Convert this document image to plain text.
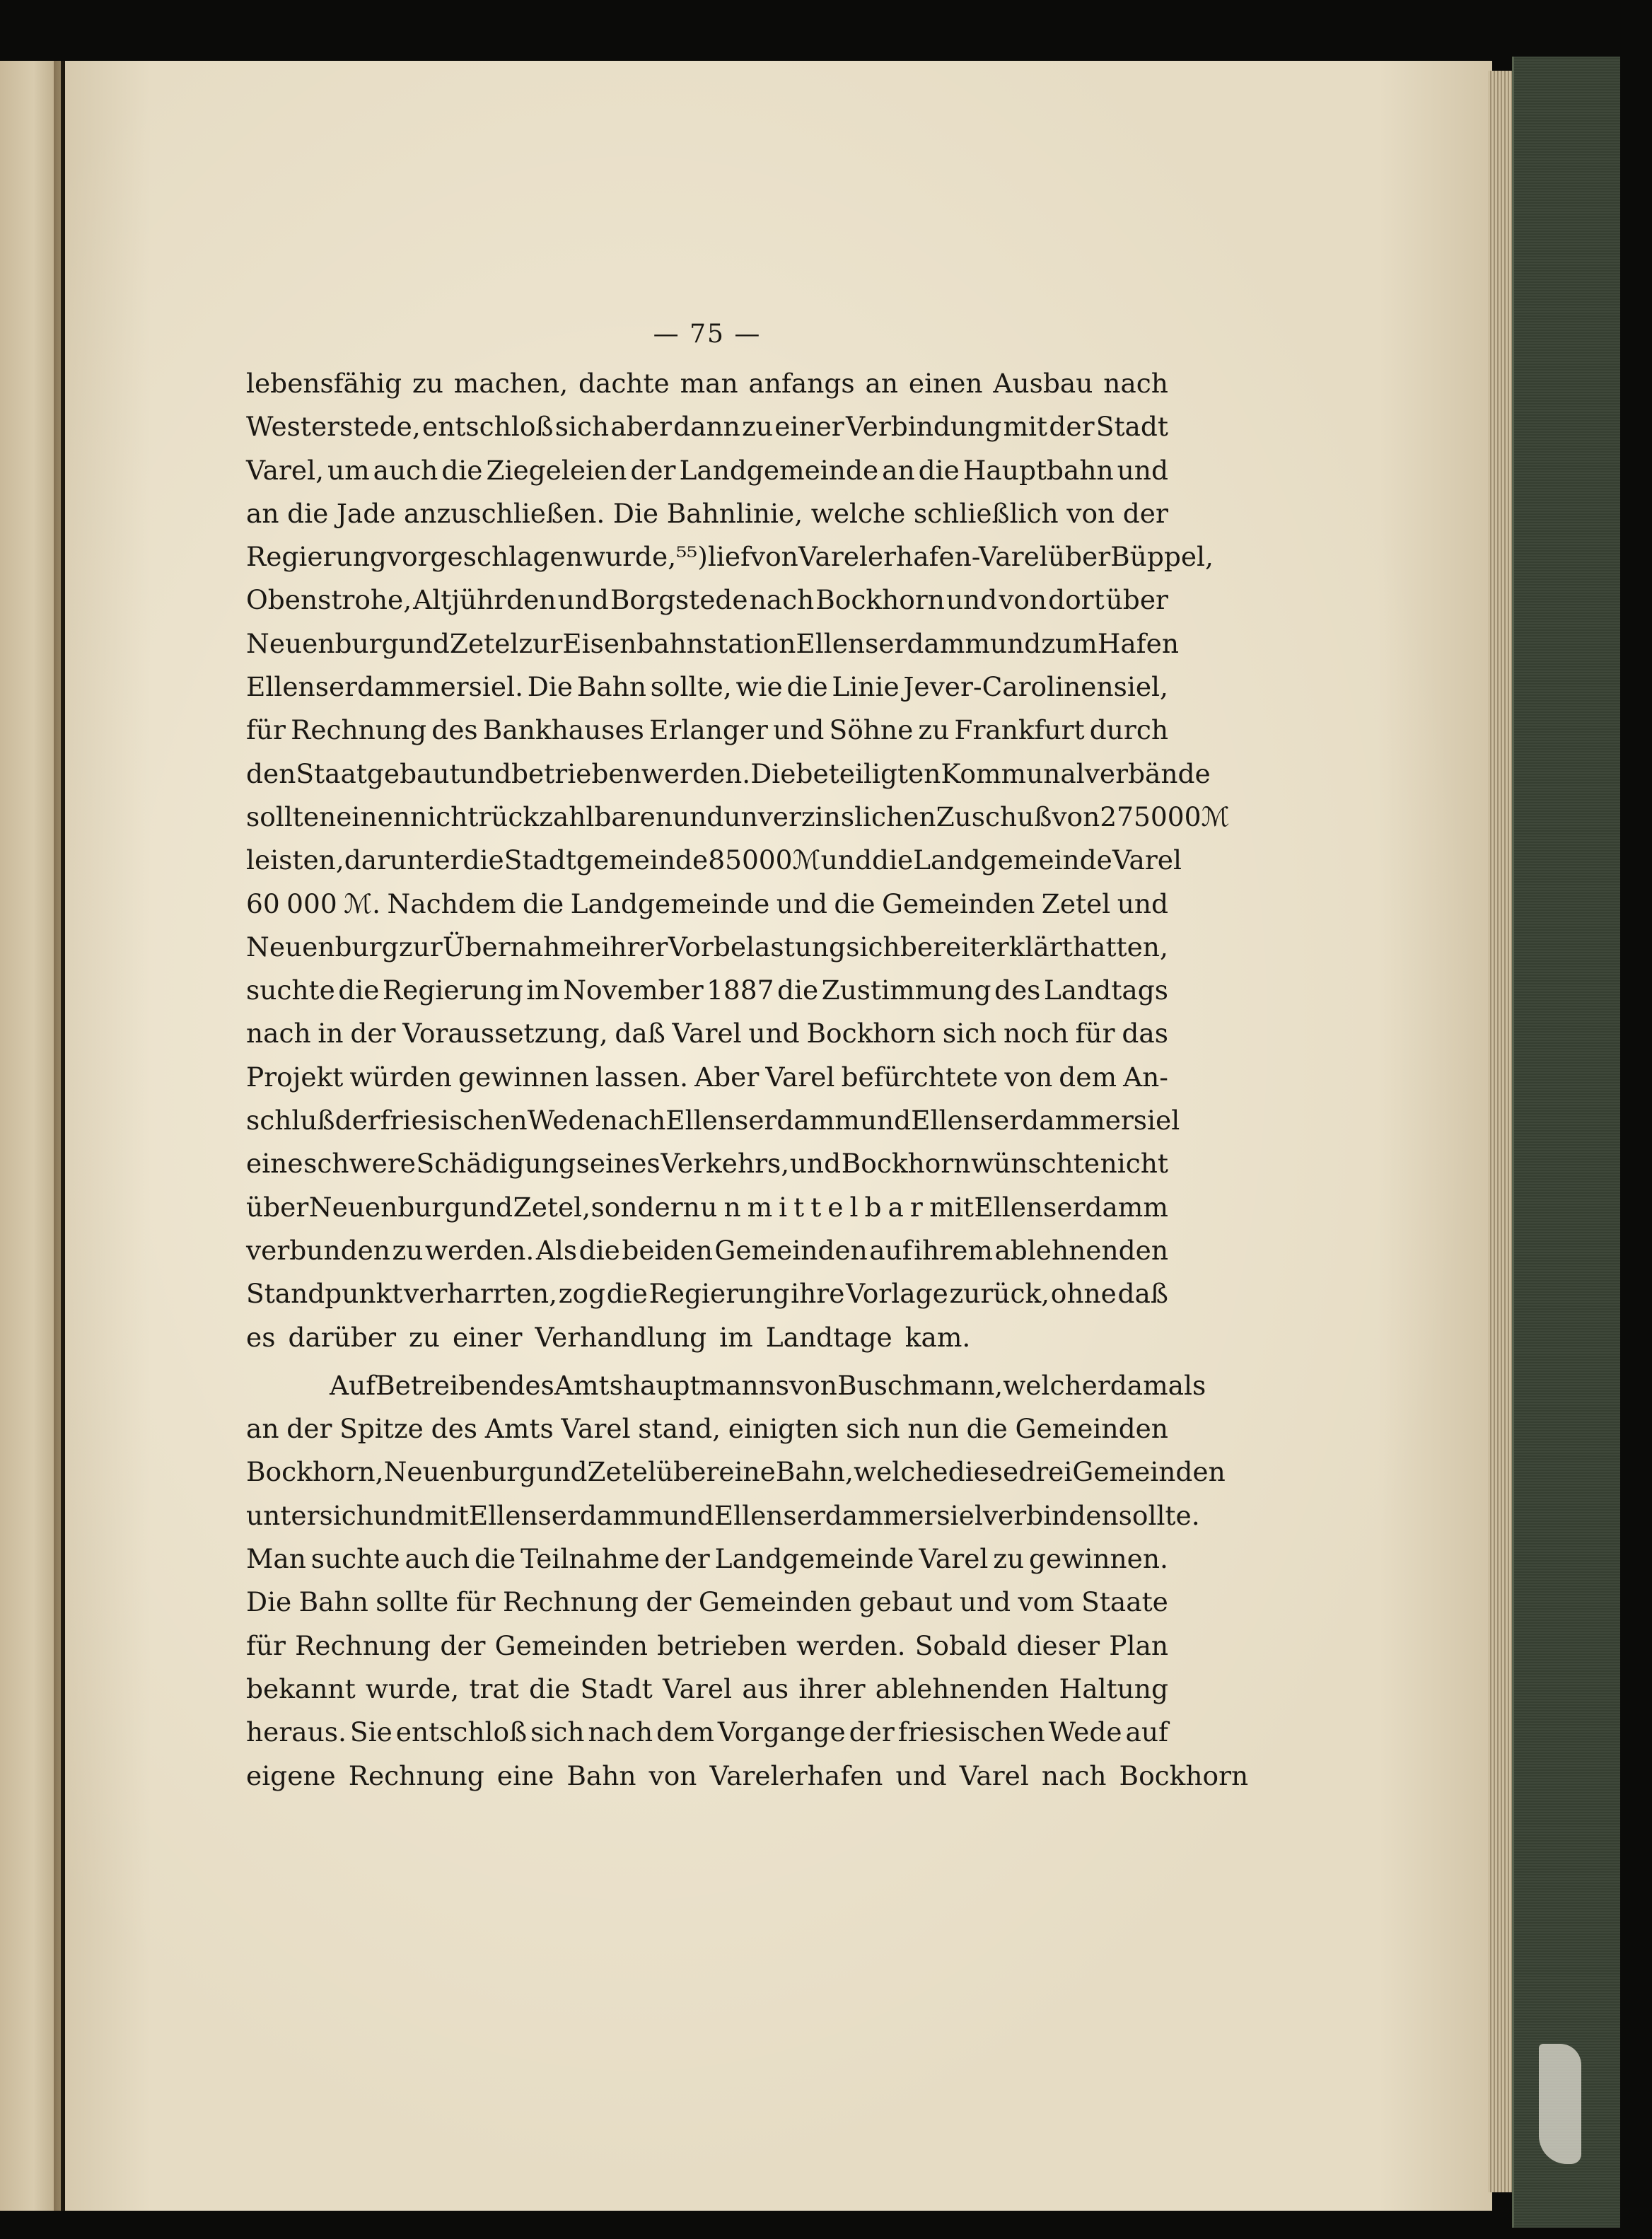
— 75 —
lebensfähig zu machen, dachte man anfangs an einen Ausbau nach
Westerstede, entschloß sich aber dann zu einer Verbindung mit der Stadt
Varel, um auch die Ziegeleien der Landgemeinde an die Hauptbahn und
an die Jade anzuschließen. Die Bahnlinie, welche schließlich von der
Regierung vorgeschlagen wurde,⁵⁵) lief von Varelerhafen-Varel über Büppel,
Obenstrohe, Altjührden und Borgstede nach Bockhorn und von dort über
Neuenburg und Zetel zur Eisenbahnstation Ellenserdamm und zum Hafen
Ellenserdammersiel. Die Bahn sollte, wie die Linie Jever-Carolinensiel,
für Rechnung des Bankhauses Erlanger und Söhne zu Frankfurt durch
den Staat gebaut und betrieben werden. Die beteiligten Kommunalverbände
sollten einen nicht rückzahlbaren und unverzinslichen Zuschuß von 275 000 ℳ
leisten, darunter die Stadtgemeinde 85 000 ℳ und die Landgemeinde Varel
60 000 ℳ. Nachdem die Landgemeinde und die Gemeinden Zetel und
Neuenburg zur Übernahme ihrer Vorbelastung sich bereit erklärt hatten,
suchte die Regierung im November 1887 die Zustimmung des Landtags
nach in der Voraussetzung, daß Varel und Bockhorn sich noch für das
Projekt würden gewinnen lassen. Aber Varel befürchtete von dem An-
schluß der friesischen Wede nach Ellenserdamm und Ellenserdammersiel
eine schwere Schädigung seines Verkehrs, und Bockhorn wünschte nicht
über Neuenburg und Zetel, sondern unmittelbar mit Ellenserdamm
verbunden zu werden. Als die beiden Gemeinden auf ihrem ablehnenden
Standpunkt verharrten, zog die Regierung ihre Vorlage zurück, ohne daß
es darüber zu einer Verhandlung im Landtage kam.
Auf Betreiben des Amtshauptmanns von Buschmann, welcher damals
an der Spitze des Amts Varel stand, einigten sich nun die Gemeinden
Bockhorn, Neuenburg und Zetel über eine Bahn, welche diese drei Gemeinden
unter sich und mit Ellenserdamm und Ellenserdammersiel verbinden sollte.
Man suchte auch die Teilnahme der Landgemeinde Varel zu gewinnen.
Die Bahn sollte für Rechnung der Gemeinden gebaut und vom Staate
für Rechnung der Gemeinden betrieben werden. Sobald dieser Plan
bekannt wurde, trat die Stadt Varel aus ihrer ablehnenden Haltung
heraus. Sie entschloß sich nach dem Vorgange der friesischen Wede auf
eigene Rechnung eine Bahn von Varelerhafen und Varel nach Bockhorn
